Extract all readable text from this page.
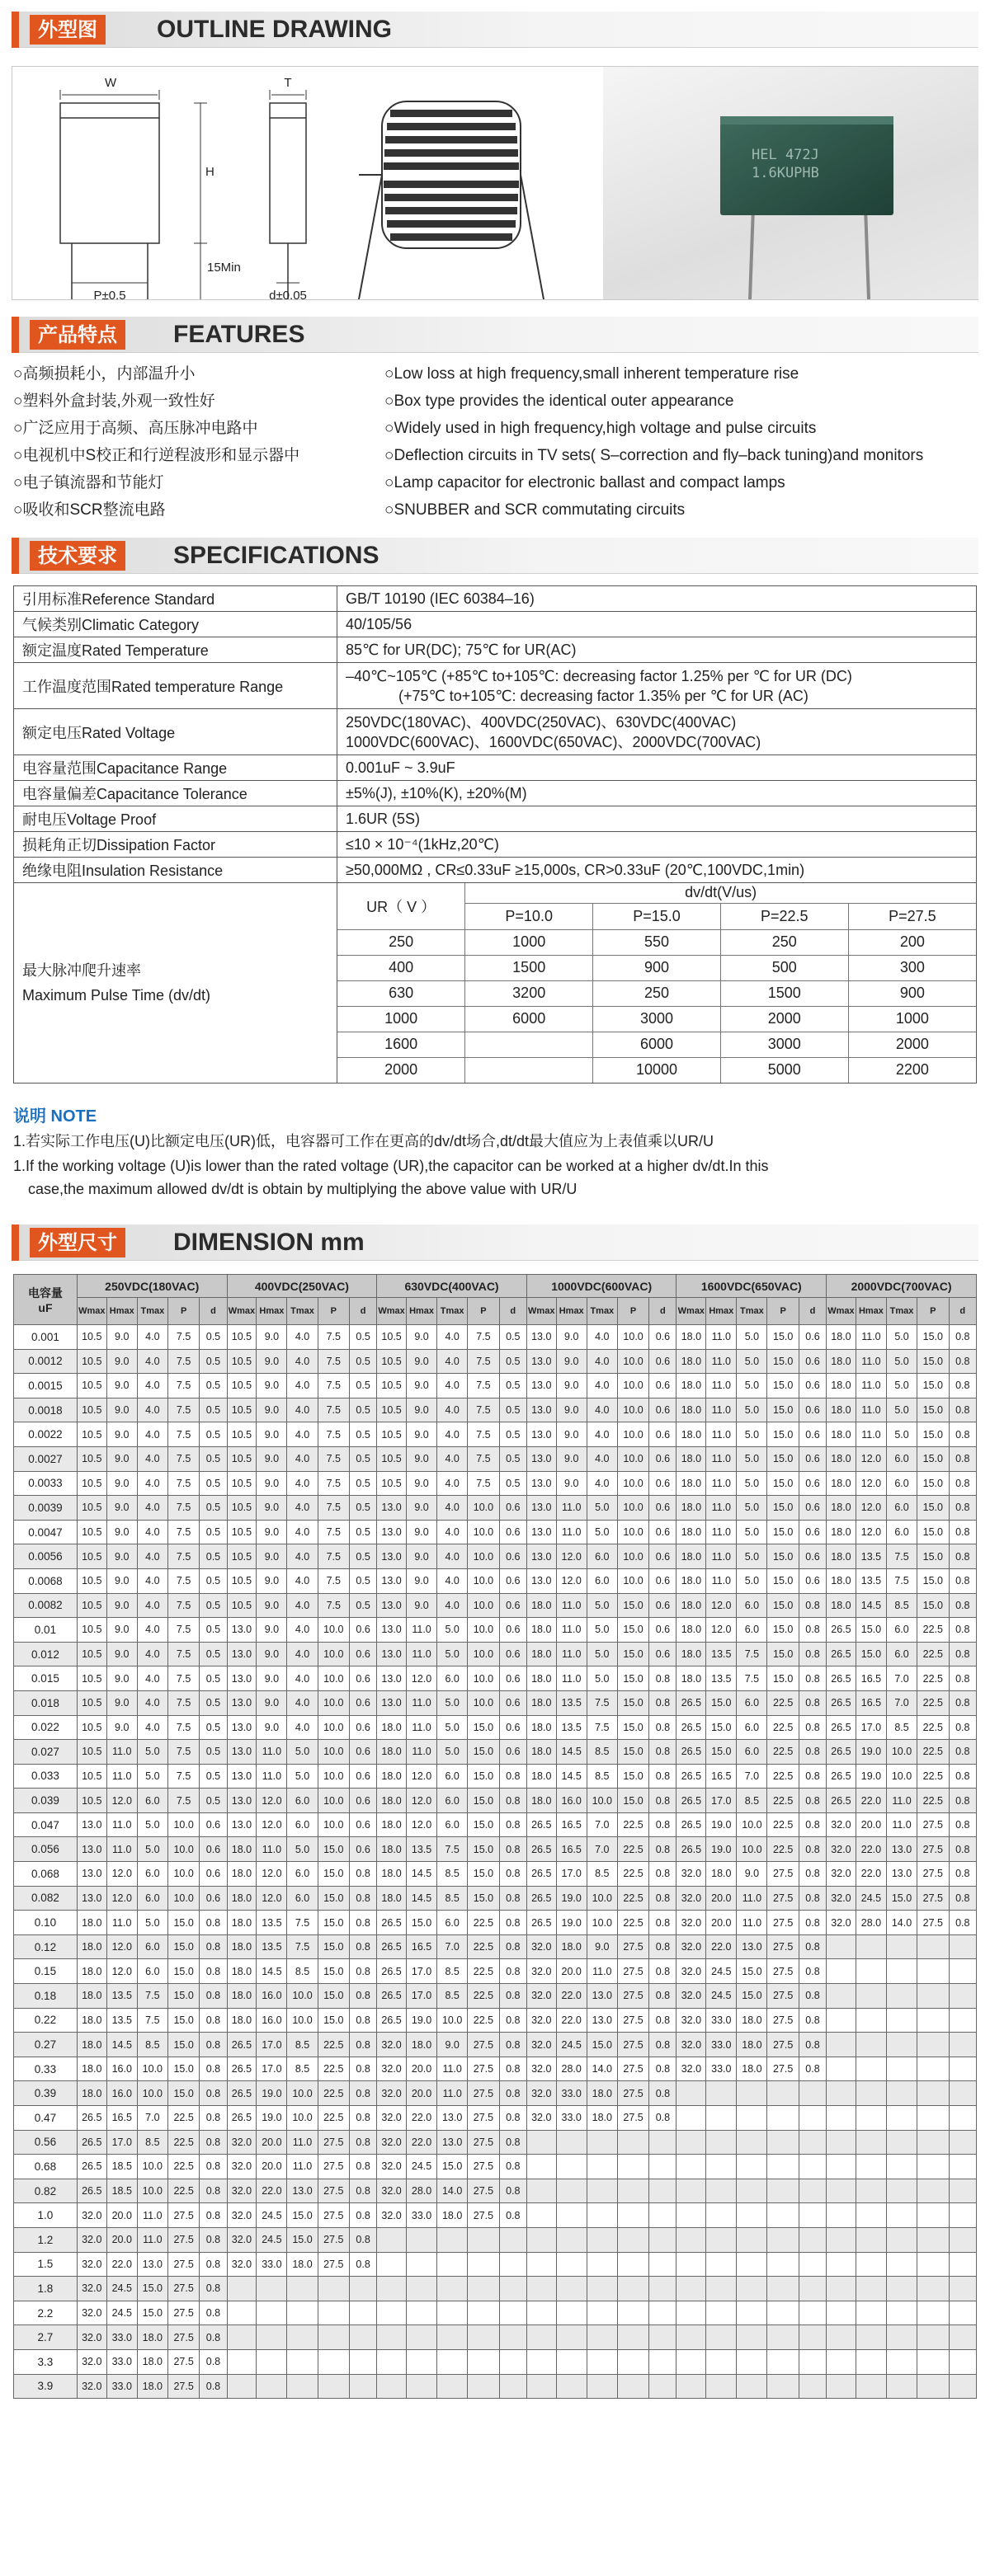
外型图	OUTLINE DRAWING
W
H
T
15Min
P±0.5	d±0.05
HEL 472J
1.6KUPHB
产品特点	FEATURES
○高频损耗小，内部温升小
○塑料外盒封装,外观一致性好
○广泛应用于高频、高压脉冲电路中
○电视机中S校正和行逆程波形和显示器中
○电子镇流器和节能灯
○吸收和SCR整流电路
○Low loss at high frequency,small inherent temperature rise
○Box type provides the identical outer appearance
○Widely used in high frequency,high voltage and pulse circuits
○Deflection circuits in TV sets( S–correction and fly–back tuning)and monitors
○Lamp capacitor for electronic ballast and compact lamps
○SNUBBER and SCR commutating circuits
技术要求	SPECIFICATIONS
引用标准Reference Standard	GB/T 10190 (IEC 60384–16)
气候类别Climatic Category	40/105/56
额定温度Rated Temperature	85℃ for UR(DC); 75℃ for UR(AC)
工作温度范围Rated temperature Range	
–40℃~105℃ (+85℃ to+105℃: decreasing factor 1.25% per ℃ for UR (DC)
(+75℃ to+105℃: decreasing factor 1.35% per ℃ for UR (AC)

额定电压Rated Voltage	
250VDC(180VAC)、400VDC(250VAC)、630VDC(400VAC)
1000VDC(600VAC)、1600VDC(650VAC)、2000VDC(700VAC)

电容量范围Capacitance Range	0.001uF ~ 3.9uF
电容量偏差Capacitance Tolerance	±5%(J), ±10%(K), ±20%(M)
耐电压Voltage Proof	1.6UR (5S)
损耗角正切Dissipation Factor	≤10 × 10⁻⁴(1kHz,20℃)
绝缘电阻Insulation Resistance	≥50,000MΩ , CR≤0.33uF ≥15,000s, CR>0.33uF (20℃,100VDC,1min)

最大脉冲爬升速率
Maximum Pulse Time (dv/dt)

UR（ V ）	dv/dt(V/us)
P=10.0	P=15.0	P=22.5	P=27.5
250	1000	550	250	200
400	1500	900	500	300
630	3200	250	1500	900
1000	6000	3000	2000	1000
1600		6000	3000	2000
2000		10000	5000	2200
说明 NOTE
1.若实际工作电压(U)比额定电压(UR)低，电容器可工作在更高的dv/dt场合,dt/dt最大值应为上表值乘以UR/U
1.If the working voltage (U)is lower than the rated voltage (UR),the capacitor can be worked at a higher dv/dt.In this
case,the maximum allowed dv/dt is obtain by multiplying the above value with UR/U
外型尺寸	DIMENSION mm
电容量
uF	250VDC(180VAC)					400VDC(250VAC)					630VDC(400VAC)					1000VDC(600VAC)					1600VDC(650VAC)					2000VDC(700VAC)				
	Wmax	Hmax	Tmax	P	d	Wmax	Hmax	Tmax	P	d	Wmax	Hmax	Tmax	P	d	Wmax	Hmax	Tmax	P	d	Wmax	Hmax	Tmax	P	d	Wmax	Hmax	Tmax	P	d
0.001	10.5	9.0	4.0	7.5	0.5	10.5	9.0	4.0	7.5	0.5	10.5	9.0	4.0	7.5	0.5	13.0	9.0	4.0	10.0	0.6	18.0	11.0	5.0	15.0	0.6	18.0	11.0	5.0	15.0	0.8
0.0012	10.5	9.0	4.0	7.5	0.5	10.5	9.0	4.0	7.5	0.5	10.5	9.0	4.0	7.5	0.5	13.0	9.0	4.0	10.0	0.6	18.0	11.0	5.0	15.0	0.6	18.0	11.0	5.0	15.0	0.8
0.0015	10.5	9.0	4.0	7.5	0.5	10.5	9.0	4.0	7.5	0.5	10.5	9.0	4.0	7.5	0.5	13.0	9.0	4.0	10.0	0.6	18.0	11.0	5.0	15.0	0.6	18.0	11.0	5.0	15.0	0.8
0.0018	10.5	9.0	4.0	7.5	0.5	10.5	9.0	4.0	7.5	0.5	10.5	9.0	4.0	7.5	0.5	13.0	9.0	4.0	10.0	0.6	18.0	11.0	5.0	15.0	0.6	18.0	11.0	5.0	15.0	0.8
0.0022	10.5	9.0	4.0	7.5	0.5	10.5	9.0	4.0	7.5	0.5	10.5	9.0	4.0	7.5	0.5	13.0	9.0	4.0	10.0	0.6	18.0	11.0	5.0	15.0	0.6	18.0	11.0	5.0	15.0	0.8
0.0027	10.5	9.0	4.0	7.5	0.5	10.5	9.0	4.0	7.5	0.5	10.5	9.0	4.0	7.5	0.5	13.0	9.0	4.0	10.0	0.6	18.0	11.0	5.0	15.0	0.6	18.0	12.0	6.0	15.0	0.8
0.0033	10.5	9.0	4.0	7.5	0.5	10.5	9.0	4.0	7.5	0.5	10.5	9.0	4.0	7.5	0.5	13.0	9.0	4.0	10.0	0.6	18.0	11.0	5.0	15.0	0.6	18.0	12.0	6.0	15.0	0.8
0.0039	10.5	9.0	4.0	7.5	0.5	10.5	9.0	4.0	7.5	0.5	13.0	9.0	4.0	10.0	0.6	13.0	11.0	5.0	10.0	0.6	18.0	11.0	5.0	15.0	0.6	18.0	12.0	6.0	15.0	0.8
0.0047	10.5	9.0	4.0	7.5	0.5	10.5	9.0	4.0	7.5	0.5	13.0	9.0	4.0	10.0	0.6	13.0	11.0	5.0	10.0	0.6	18.0	11.0	5.0	15.0	0.6	18.0	12.0	6.0	15.0	0.8
0.0056	10.5	9.0	4.0	7.5	0.5	10.5	9.0	4.0	7.5	0.5	13.0	9.0	4.0	10.0	0.6	13.0	12.0	6.0	10.0	0.6	18.0	11.0	5.0	15.0	0.6	18.0	13.5	7.5	15.0	0.8
0.0068	10.5	9.0	4.0	7.5	0.5	10.5	9.0	4.0	7.5	0.5	13.0	9.0	4.0	10.0	0.6	13.0	12.0	6.0	10.0	0.6	18.0	11.0	5.0	15.0	0.6	18.0	13.5	7.5	15.0	0.8
0.0082	10.5	9.0	4.0	7.5	0.5	10.5	9.0	4.0	7.5	0.5	13.0	9.0	4.0	10.0	0.6	18.0	11.0	5.0	15.0	0.6	18.0	12.0	6.0	15.0	0.8	18.0	14.5	8.5	15.0	0.8
0.01	10.5	9.0	4.0	7.5	0.5	13.0	9.0	4.0	10.0	0.6	13.0	11.0	5.0	10.0	0.6	18.0	11.0	5.0	15.0	0.6	18.0	12.0	6.0	15.0	0.8	26.5	15.0	6.0	22.5	0.8
0.012	10.5	9.0	4.0	7.5	0.5	13.0	9.0	4.0	10.0	0.6	13.0	11.0	5.0	10.0	0.6	18.0	11.0	5.0	15.0	0.6	18.0	13.5	7.5	15.0	0.8	26.5	15.0	6.0	22.5	0.8
0.015	10.5	9.0	4.0	7.5	0.5	13.0	9.0	4.0	10.0	0.6	13.0	12.0	6.0	10.0	0.6	18.0	11.0	5.0	15.0	0.8	18.0	13.5	7.5	15.0	0.8	26.5	16.5	7.0	22.5	0.8
0.018	10.5	9.0	4.0	7.5	0.5	13.0	9.0	4.0	10.0	0.6	13.0	11.0	5.0	10.0	0.6	18.0	13.5	7.5	15.0	0.8	26.5	15.0	6.0	22.5	0.8	26.5	16.5	7.0	22.5	0.8
0.022	10.5	9.0	4.0	7.5	0.5	13.0	9.0	4.0	10.0	0.6	18.0	11.0	5.0	15.0	0.6	18.0	13.5	7.5	15.0	0.8	26.5	15.0	6.0	22.5	0.8	26.5	17.0	8.5	22.5	0.8
0.027	10.5	11.0	5.0	7.5	0.5	13.0	11.0	5.0	10.0	0.6	18.0	11.0	5.0	15.0	0.6	18.0	14.5	8.5	15.0	0.8	26.5	15.0	6.0	22.5	0.8	26.5	19.0	10.0	22.5	0.8
0.033	10.5	11.0	5.0	7.5	0.5	13.0	11.0	5.0	10.0	0.6	18.0	12.0	6.0	15.0	0.8	18.0	14.5	8.5	15.0	0.8	26.5	16.5	7.0	22.5	0.8	26.5	19.0	10.0	22.5	0.8
0.039	10.5	12.0	6.0	7.5	0.5	13.0	12.0	6.0	10.0	0.6	18.0	12.0	6.0	15.0	0.8	18.0	16.0	10.0	15.0	0.8	26.5	17.0	8.5	22.5	0.8	26.5	22.0	11.0	22.5	0.8
0.047	13.0	11.0	5.0	10.0	0.6	13.0	12.0	6.0	10.0	0.6	18.0	12.0	6.0	15.0	0.8	26.5	16.5	7.0	22.5	0.8	26.5	19.0	10.0	22.5	0.8	32.0	20.0	11.0	27.5	0.8
0.056	13.0	11.0	5.0	10.0	0.6	18.0	11.0	5.0	15.0	0.6	18.0	13.5	7.5	15.0	0.8	26.5	16.5	7.0	22.5	0.8	26.5	19.0	10.0	22.5	0.8	32.0	22.0	13.0	27.5	0.8
0.068	13.0	12.0	6.0	10.0	0.6	18.0	12.0	6.0	15.0	0.8	18.0	14.5	8.5	15.0	0.8	26.5	17.0	8.5	22.5	0.8	32.0	18.0	9.0	27.5	0.8	32.0	22.0	13.0	27.5	0.8
0.082	13.0	12.0	6.0	10.0	0.6	18.0	12.0	6.0	15.0	0.8	18.0	14.5	8.5	15.0	0.8	26.5	19.0	10.0	22.5	0.8	32.0	20.0	11.0	27.5	0.8	32.0	24.5	15.0	27.5	0.8
0.10	18.0	11.0	5.0	15.0	0.8	18.0	13.5	7.5	15.0	0.8	26.5	15.0	6.0	22.5	0.8	26.5	19.0	10.0	22.5	0.8	32.0	20.0	11.0	27.5	0.8	32.0	28.0	14.0	27.5	0.8
0.12	18.0	12.0	6.0	15.0	0.8	18.0	13.5	7.5	15.0	0.8	26.5	16.5	7.0	22.5	0.8	32.0	18.0	9.0	27.5	0.8	32.0	22.0	13.0	27.5	0.8					
0.15	18.0	12.0	6.0	15.0	0.8	18.0	14.5	8.5	15.0	0.8	26.5	17.0	8.5	22.5	0.8	32.0	20.0	11.0	27.5	0.8	32.0	24.5	15.0	27.5	0.8					
0.18	18.0	13.5	7.5	15.0	0.8	18.0	16.0	10.0	15.0	0.8	26.5	17.0	8.5	22.5	0.8	32.0	22.0	13.0	27.5	0.8	32.0	24.5	15.0	27.5	0.8					
0.22	18.0	13.5	7.5	15.0	0.8	18.0	16.0	10.0	15.0	0.8	26.5	19.0	10.0	22.5	0.8	32.0	22.0	13.0	27.5	0.8	32.0	33.0	18.0	27.5	0.8					
0.27	18.0	14.5	8.5	15.0	0.8	26.5	17.0	8.5	22.5	0.8	32.0	18.0	9.0	27.5	0.8	32.0	24.5	15.0	27.5	0.8	32.0	33.0	18.0	27.5	0.8					
0.33	18.0	16.0	10.0	15.0	0.8	26.5	17.0	8.5	22.5	0.8	32.0	20.0	11.0	27.5	0.8	32.0	28.0	14.0	27.5	0.8	32.0	33.0	18.0	27.5	0.8					
0.39	18.0	16.0	10.0	15.0	0.8	26.5	19.0	10.0	22.5	0.8	32.0	20.0	11.0	27.5	0.8	32.0	33.0	18.0	27.5	0.8										
0.47	26.5	16.5	7.0	22.5	0.8	26.5	19.0	10.0	22.5	0.8	32.0	22.0	13.0	27.5	0.8	32.0	33.0	18.0	27.5	0.8										
0.56	26.5	17.0	8.5	22.5	0.8	32.0	20.0	11.0	27.5	0.8	32.0	22.0	13.0	27.5	0.8															
0.68	26.5	18.5	10.0	22.5	0.8	32.0	20.0	11.0	27.5	0.8	32.0	24.5	15.0	27.5	0.8															
0.82	26.5	18.5	10.0	22.5	0.8	32.0	22.0	13.0	27.5	0.8	32.0	28.0	14.0	27.5	0.8															
1.0	32.0	20.0	11.0	27.5	0.8	32.0	24.5	15.0	27.5	0.8	32.0	33.0	18.0	27.5	0.8															
1.2	32.0	20.0	11.0	27.5	0.8	32.0	24.5	15.0	27.5	0.8																				
1.5	32.0	22.0	13.0	27.5	0.8	32.0	33.0	18.0	27.5	0.8																				
1.8	32.0	24.5	15.0	27.5	0.8																									
2.2	32.0	24.5	15.0	27.5	0.8																									
2.7	32.0	33.0	18.0	27.5	0.8																									
3.3	32.0	33.0	18.0	27.5	0.8																									
3.9	32.0	33.0	18.0	27.5	0.8																									
